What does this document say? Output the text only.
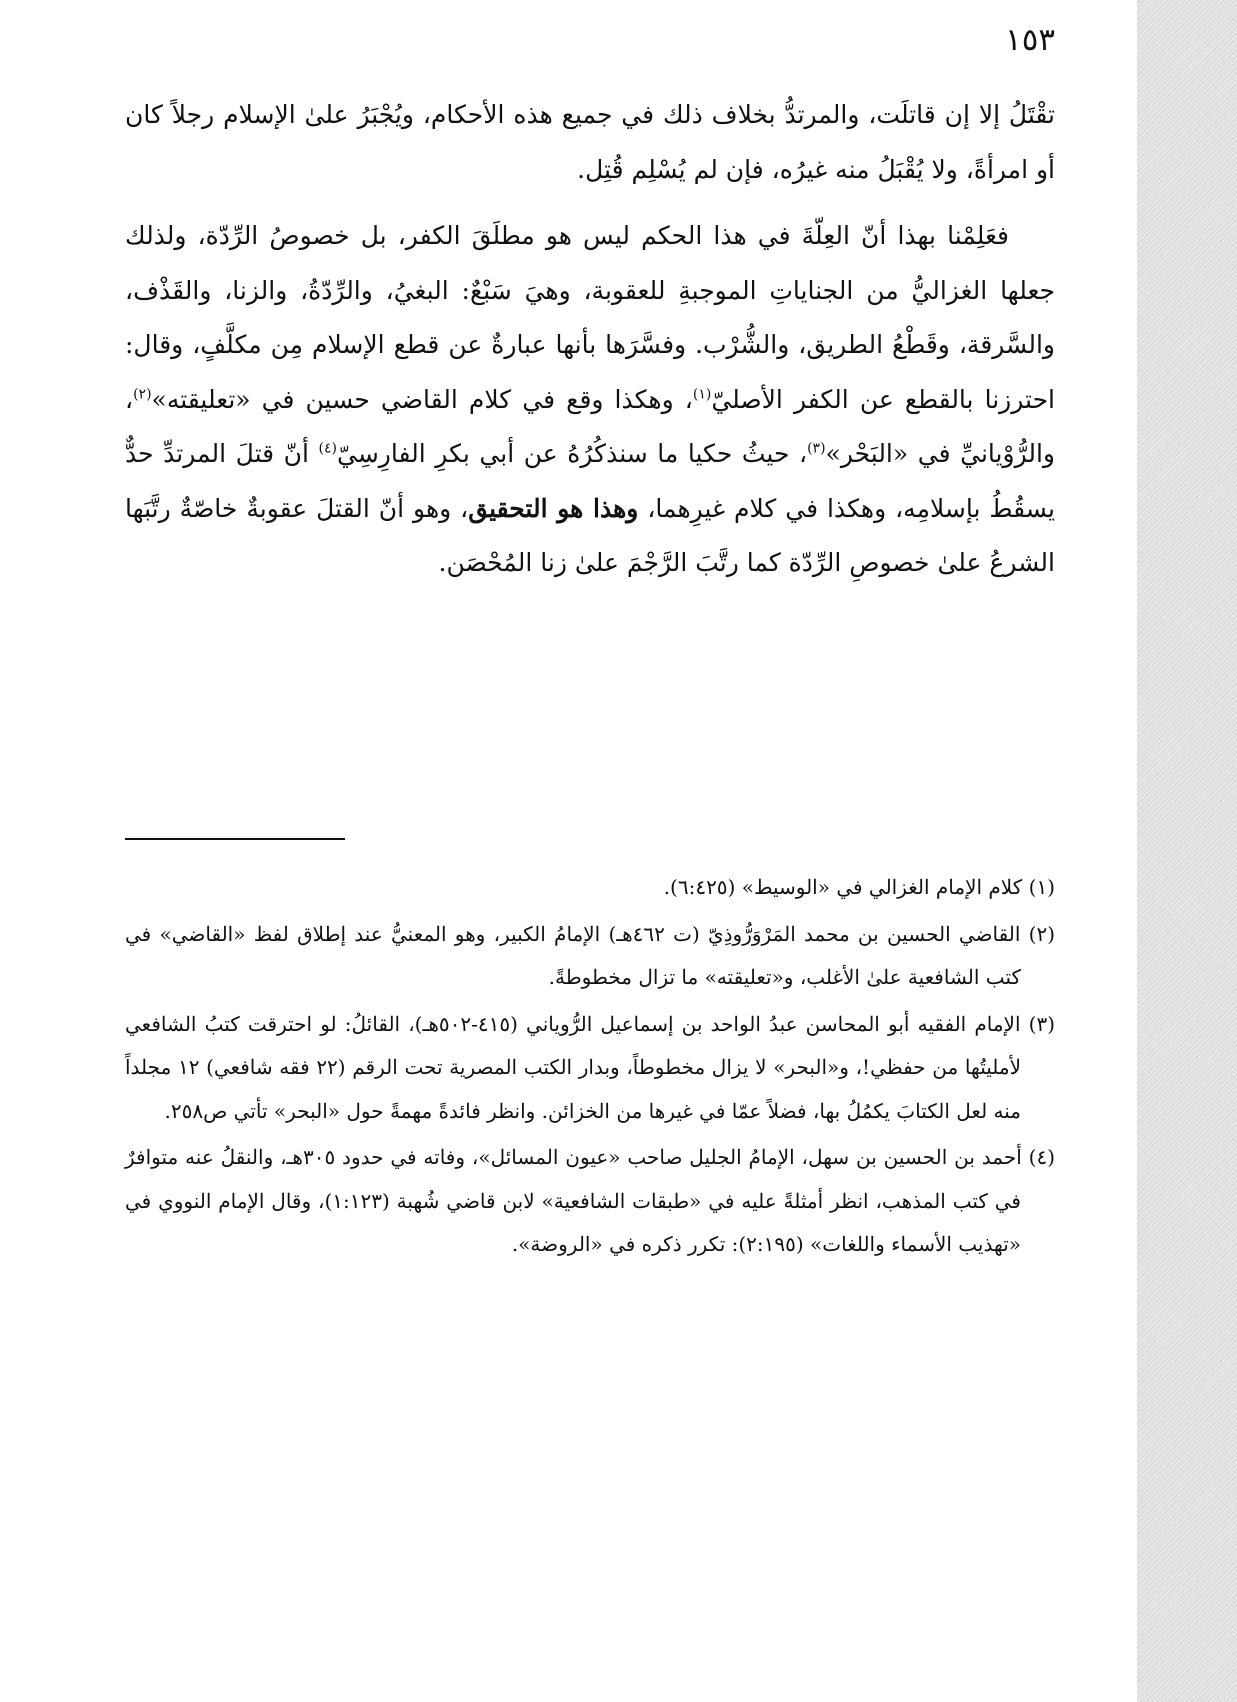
١٥٣

تقْتَلُ إلا إن قاتلَت، والمرتدُّ بخلاف ذلك في جميع هذه الأحكام، ويُجْبَرُ علىٰ الإسلام رجلاً كان أو امرأةً، ولا يُقْبَلُ منه غيرُه، فإن لم يُسْلِم قُتِل.

فعَلِمْنا بهذا أنّ العِلّةَ في هذا الحكم ليس هو مطلَقَ الكفر، بل خصوصُ الرِّدّة، ولذلك جعلها الغزاليُّ من الجناياتِ الموجبةِ للعقوبة، وهيَ سَبْعٌ: البغيُ، والرِّدّةُ، والزنا، والقَذْف، والسَّرقة، وقَطْعُ الطريق، والشُّرْب. وفسَّرَها بأنها عبارةٌ عن قطع الإسلام مِن مكلَّفٍ، وقال: احترزنا بالقطع عن الكفر الأصليّ$^{(١)}$، وهكذا وقع في كلام القاضي حسين في «تعليقته»$^{(٢)}$، والرُّوْيانيِّ في «البَحْر»$^{(٣)}$، حيثُ حكيا ما سنذكُرُهُ عن أبي بكرِ الفارِسِيّ$^{(٤)}$ أنّ قتلَ المرتدِّ حدٌّ يسقُطُ بإسلامِه، وهكذا في كلام غيرِهما، وهذا هو التحقيق، وهو أنّ القتلَ عقوبةٌ خاصّةٌ رتَّبَها الشرعُ علىٰ خصوصِ الرِّدّة كما رتَّبَ الرَّجْمَ علىٰ زنا المُحْصَن.

(١) كلام الإمام الغزالي في «الوسيط» (٦:٤٢٥).
(٢) القاضي الحسين بن محمد المَرْوَرُّوذِيّ (ت ٤٦٢هـ) الإمامُ الكبير، وهو المعنيُّ عند إطلاق لفظ «القاضي» في كتب الشافعية علىٰ الأغلب، و«تعليقته» ما تزال مخطوطةً.
(٣) الإمام الفقيه أبو المحاسن عبدُ الواحد بن إسماعيل الرُّوياني (٤١٥-٥٠٢هـ)، القائلُ: لو احترقت كتبُ الشافعي لأمليتُها من حفظي!، و«البحر» لا يزال مخطوطاً، وبدار الكتب المصرية تحت الرقم (٢٢ فقه شافعي) ١٢ مجلداً منه لعل الكتابَ يكمُلُ بها، فضلاً عمّا في غيرها من الخزائن. وانظر فائدةً مهمةً حول «البحر» تأتي ص٢٥٨.
(٤) أحمد بن الحسين بن سهل، الإمامُ الجليل صاحب «عيون المسائل»، وفاته في حدود ٣٠٥هـ، والنقلُ عنه متوافرٌ في كتب المذهب، انظر أمثلةً عليه في «طبقات الشافعية» لابن قاضي شُهبة (١:١٢٣)، وقال الإمام النووي في «تهذيب الأسماء واللغات» (٢:١٩٥): تكرر ذكره في «الروضة».
